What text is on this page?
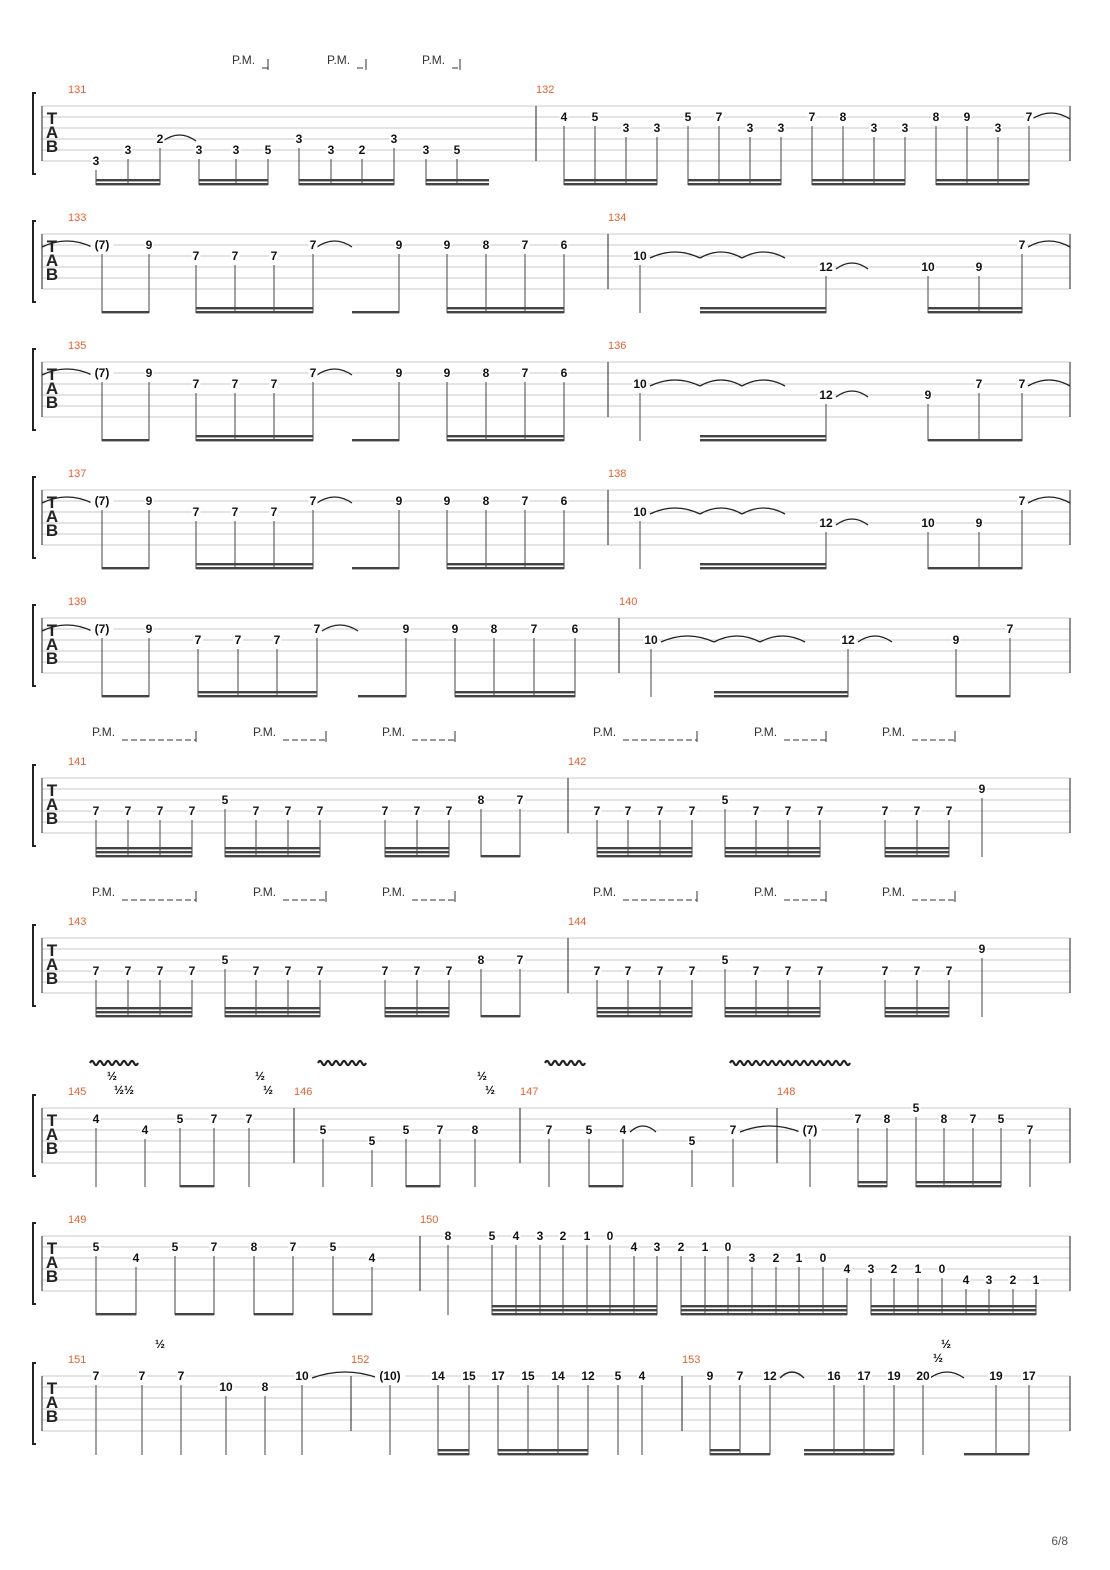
T
A
B
131	132
P.M.	P.M.	P.M.
3
3
2
3	3 5
3
3 2
3
3 5
4 5
3 3
5 7
3 3
7 8
3 3
8 9
3
7
T
A
B
133	134
(7)	9
7	7	7
7	9	9	8	7	6
10
12	10	9
7
T
A
B
135	136
(7)	9
7	7	7
7	9	9	8	7	6
10
12	9
7	7
T
A
B
137	138
(7)	9
7	7	7
7	9	9	8	7	6
10
12	10	9
7
T
A
B
139	140
(7)	9
7	7	7
7	9	9	8	7	6
10	12	9
7
T
A
B
141	142
P.M.	P.M.	P.M.	P.M.	P.M.	P.M.
7 7 7 7
5
7 7 7	7 7 7
8	7
7 7 7 7
5
7 7 7	7 7 7
9
T
A
B
143	144
P.M.	P.M.	P.M.	P.M.	P.M.	P.M.
7 7 7 7
5
7 7 7	7 7 7
8	7
7 7 7 7
5
7 7 7	7 7 7
9
T
A
B
145	146	147	148
4
4
5 7 7
5
5
5 7 8	7	5 4
5
7	(7)
7 8
5
8 7 5
7
½
½½
½
½
½
½
T
A
B
149	150
5
4
5	7	8	7	5
4
8	5 4 3 2 1 0
4 3 2 1 0
3 2 1 0
4 3 2 1 0
4 3 2 1
T
A
B
151	152	153
7	7	7
10 8
10	(10)	14 15 17 15 14 12 5 4	9 7 12	16 17 19 20	19 17
½
½
½
6/8
